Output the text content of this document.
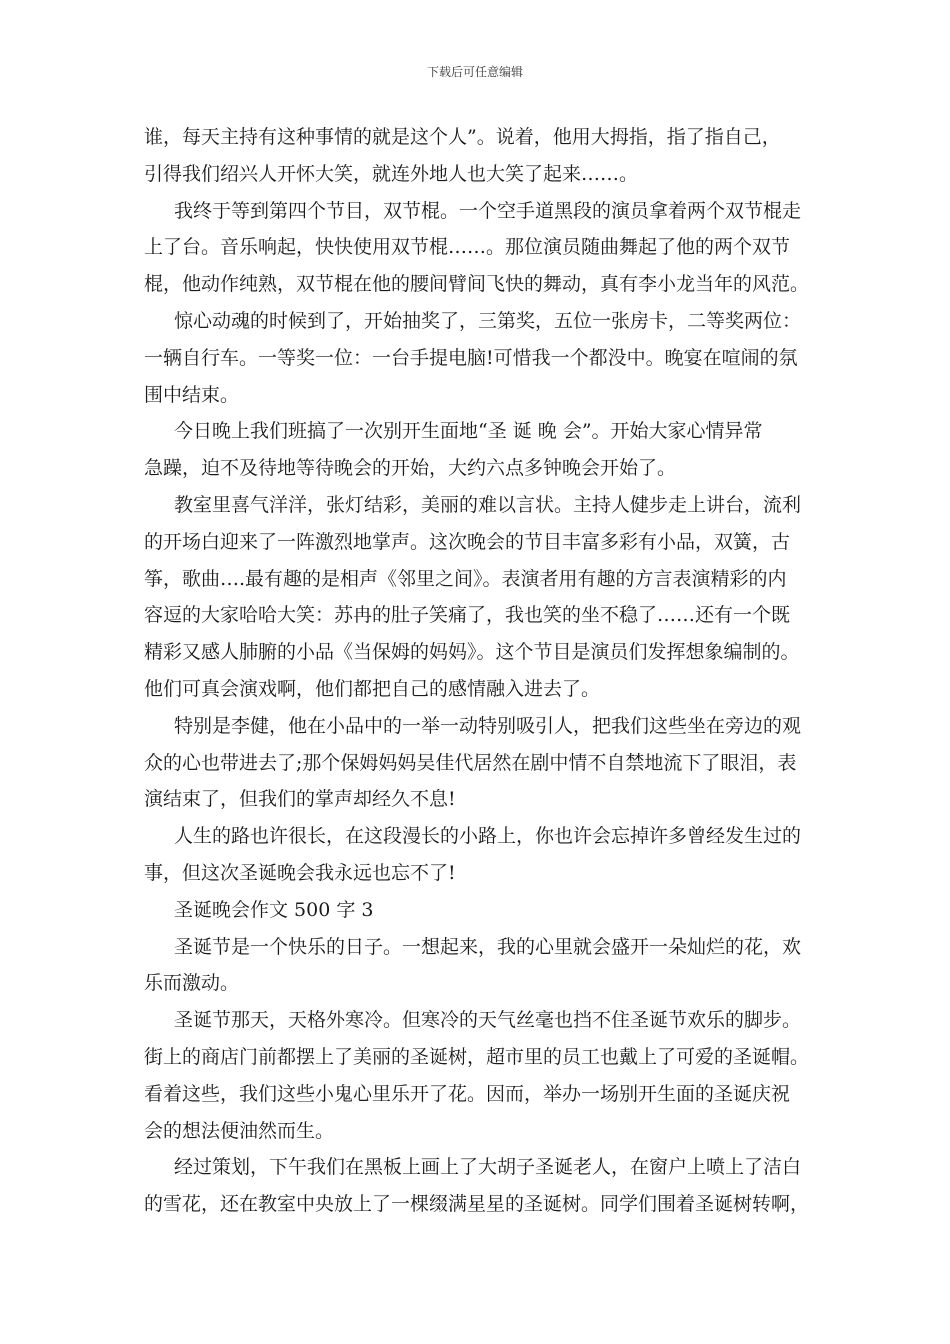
下载后可任意编辑
谁，每天主持有这种事情的就是这个人”。说着，他用大拇指，指了指自己，
引得我们绍兴人开怀大笑，就连外地人也大笑了起来……。
我终于等到第四个节目，双节棍。一个空手道黑段的演员拿着两个双节棍走
上了台。音乐响起，快快使用双节棍……。那位演员随曲舞起了他的两个双节
棍，他动作纯熟，双节棍在他的腰间臂间飞快的舞动，真有李小龙当年的风范。
惊心动魂的时候到了，开始抽奖了，三第奖，五位一张房卡，二等奖两位：
一辆自行车。一等奖一位：一台手提电脑!可惜我一个都没中。晚宴在喧闹的氛
围中结束。
今日晚上我们班搞了一次别开生面地“圣 诞 晚 会”。开始大家心情异常
急躁，迫不及待地等待晚会的开始，大约六点多钟晚会开始了。
教室里喜气洋洋，张灯结彩，美丽的难以言状。主持人健步走上讲台，流利
的开场白迎来了一阵激烈地掌声。这次晚会的节目丰富多彩有小品，双簧，古
筝，歌曲….最有趣的是相声《邻里之间》。表演者用有趣的方言表演精彩的内
容逗的大家哈哈大笑：苏冉的肚子笑痛了，我也笑的坐不稳了……还有一个既
精彩又感人肺腑的小品《当保姆的妈妈》。这个节目是演员们发挥想象编制的。
他们可真会演戏啊，他们都把自己的感情融入进去了。
特别是李健，他在小品中的一举一动特别吸引人，把我们这些坐在旁边的观
众的心也带进去了;那个保姆妈妈吴佳代居然在剧中情不自禁地流下了眼泪，表
演结束了，但我们的掌声却经久不息!
人生的路也许很长，在这段漫长的小路上，你也许会忘掉许多曾经发生过的
事，但这次圣诞晚会我永远也忘不了!
圣诞晚会作文 500 字 3
圣诞节是一个快乐的日子。一想起来，我的心里就会盛开一朵灿烂的花，欢
乐而激动。
圣诞节那天，天格外寒冷。但寒冷的天气丝毫也挡不住圣诞节欢乐的脚步。
街上的商店门前都摆上了美丽的圣诞树，超市里的员工也戴上了可爱的圣诞帽。
看着这些，我们这些小鬼心里乐开了花。因而，举办一场别开生面的圣诞庆祝
会的想法便油然而生。
经过策划，下午我们在黑板上画上了大胡子圣诞老人，在窗户上喷上了洁白
的雪花，还在教室中央放上了一棵缀满星星的圣诞树。同学们围着圣诞树转啊，
